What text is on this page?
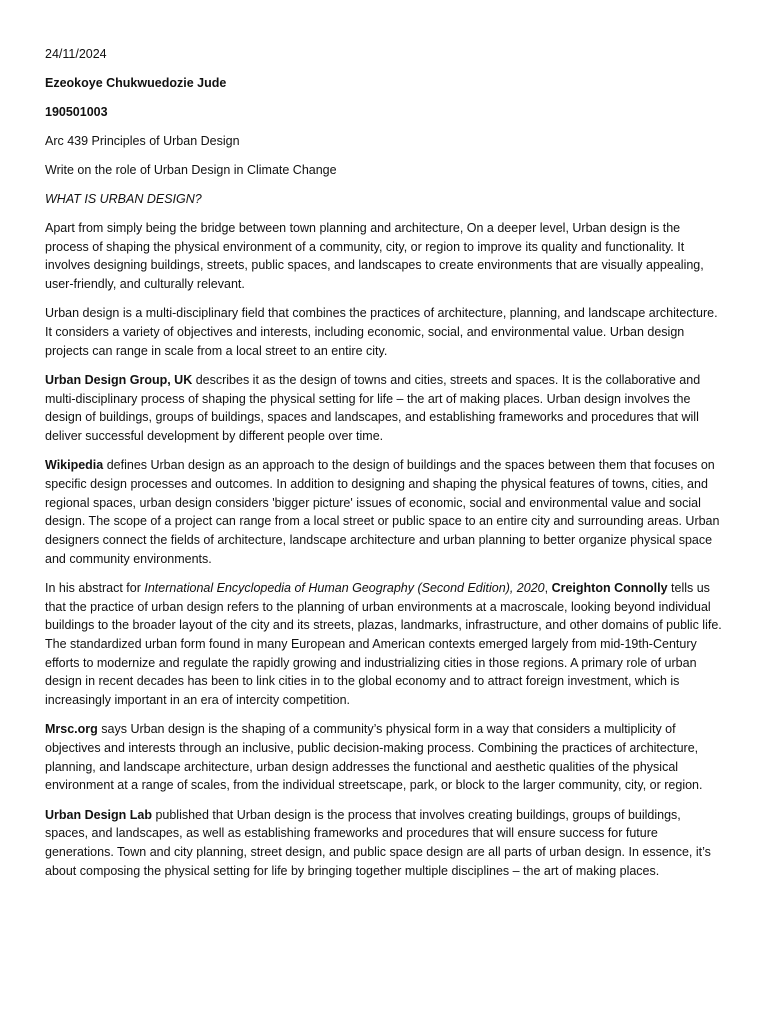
24/11/2024
Ezeokoye Chukwuedozie Jude
190501003
Arc 439 Principles of Urban Design
Write on the role of Urban Design in Climate Change
WHAT IS URBAN DESIGN?

Apart from simply being the bridge between town planning and architecture, On a deeper level, Urban design is the process of shaping the physical environment of a community, city, or region to improve its quality and functionality. It involves designing buildings, streets, public spaces, and landscapes to create environments that are visually appealing, user-friendly, and culturally relevant.

Urban design is a multi-disciplinary field that combines the practices of architecture, planning, and landscape architecture. It considers a variety of objectives and interests, including economic, social, and environmental value. Urban design projects can range in scale from a local street to an entire city.

Urban Design Group, UK describes it as the design of towns and cities, streets and spaces. It is the collaborative and multi-disciplinary process of shaping the physical setting for life – the art of making places. Urban design involves the design of buildings, groups of buildings, spaces and landscapes, and establishing frameworks and procedures that will deliver successful development by different people over time.

Wikipedia defines Urban design as an approach to the design of buildings and the spaces between them that focuses on specific design processes and outcomes. In addition to designing and shaping the physical features of towns, cities, and regional spaces, urban design considers 'bigger picture' issues of economic, social and environmental value and social design. The scope of a project can range from a local street or public space to an entire city and surrounding areas. Urban designers connect the fields of architecture, landscape architecture and urban planning to better organize physical space and community environments.

In his abstract for International Encyclopedia of Human Geography (Second Edition), 2020, Creighton Connolly tells us that the practice of urban design refers to the planning of urban environments at a macroscale, looking beyond individual buildings to the broader layout of the city and its streets, plazas, landmarks, infrastructure, and other domains of public life. The standardized urban form found in many European and American contexts emerged largely from mid-19th-Century efforts to modernize and regulate the rapidly growing and industrializing cities in those regions. A primary role of urban design in recent decades has been to link cities in to the global economy and to attract foreign investment, which is increasingly important in an era of intercity competition.

Mrsc.org says Urban design is the shaping of a community’s physical form in a way that considers a multiplicity of objectives and interests through an inclusive, public decision-making process. Combining the practices of architecture, planning, and landscape architecture, urban design addresses the functional and aesthetic qualities of the physical environment at a range of scales, from the individual streetscape, park, or block to the larger community, city, or region.

Urban Design Lab published that Urban design is the process that involves creating buildings, groups of buildings, spaces, and landscapes, as well as establishing frameworks and procedures that will ensure success for future generations. Town and city planning, street design, and public space design are all parts of urban design. In essence, it’s about composing the physical setting for life by bringing together multiple disciplines – the art of making places.
